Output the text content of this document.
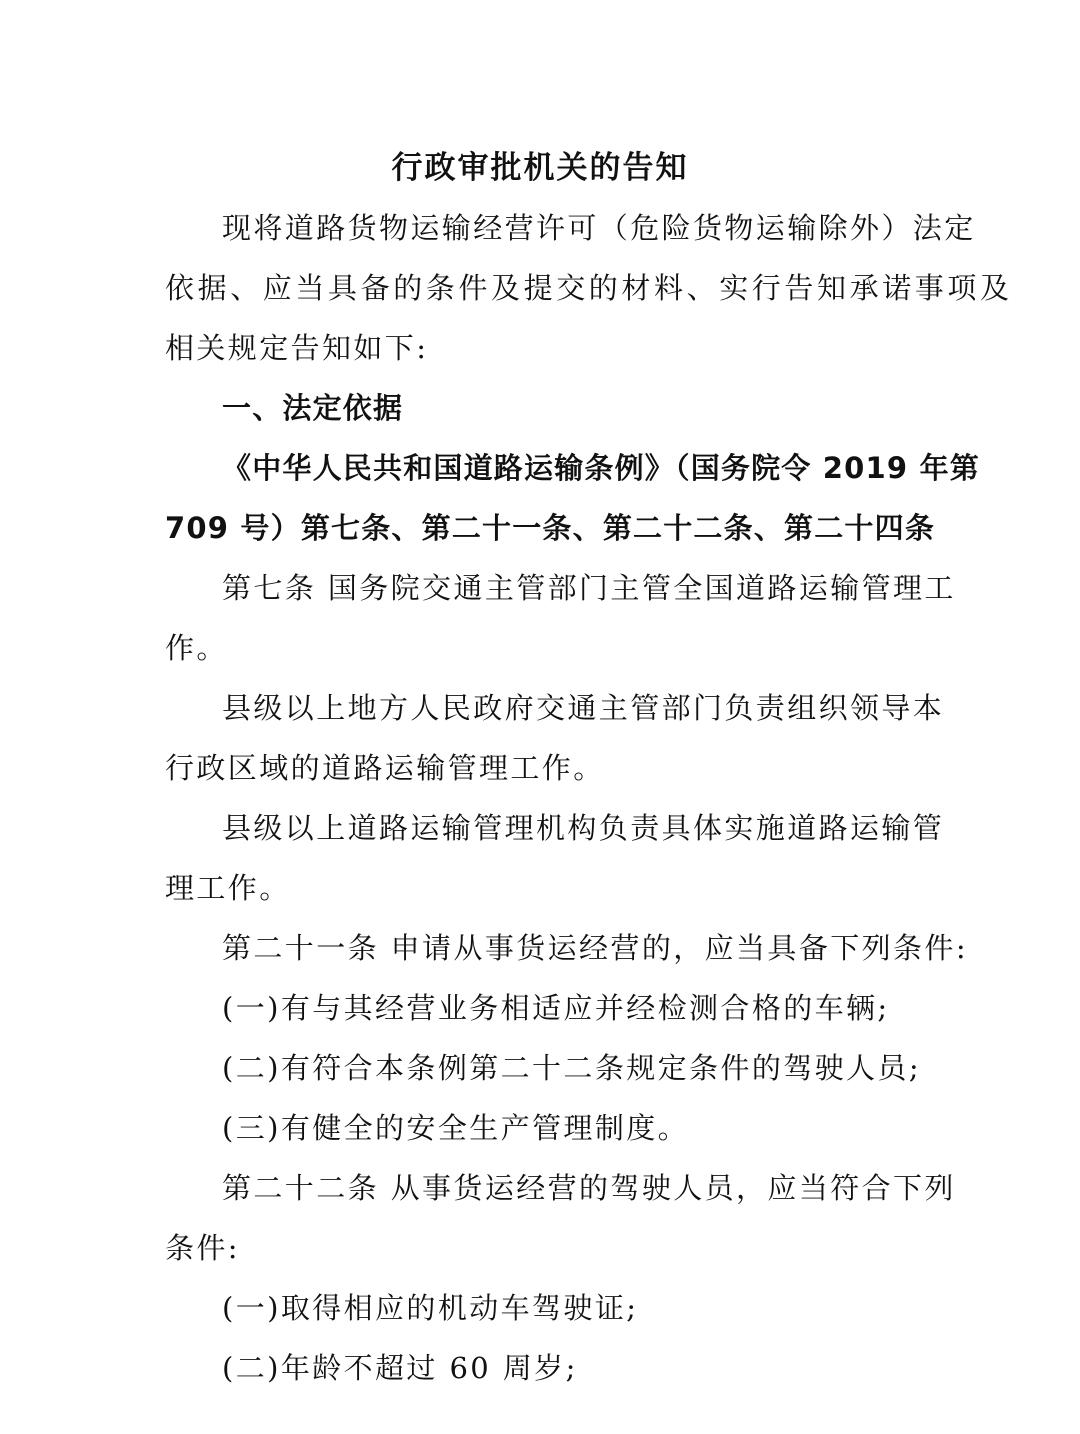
行政审批机关的告知
现将道路货物运输经营许可（危险货物运输除外）法定
依据、应当具备的条件及提交的材料、实行告知承诺事项及
相关规定告知如下:
一、法定依据
《中华人民共和国道路运输条例》（国务院令 2019 年第
709 号）第七条、第二十一条、第二十二条、第二十四条
第七条 国务院交通主管部门主管全国道路运输管理工
作。
县级以上地方人民政府交通主管部门负责组织领导本
行政区域的道路运输管理工作。
县级以上道路运输管理机构负责具体实施道路运输管
理工作。
第二十一条 申请从事货运经营的，应当具备下列条件:
(一)有与其经营业务相适应并经检测合格的车辆;
(二)有符合本条例第二十二条规定条件的驾驶人员;
(三)有健全的安全生产管理制度。
第二十二条 从事货运经营的驾驶人员，应当符合下列
条件:
(一)取得相应的机动车驾驶证;
(二)年龄不超过 60 周岁;
